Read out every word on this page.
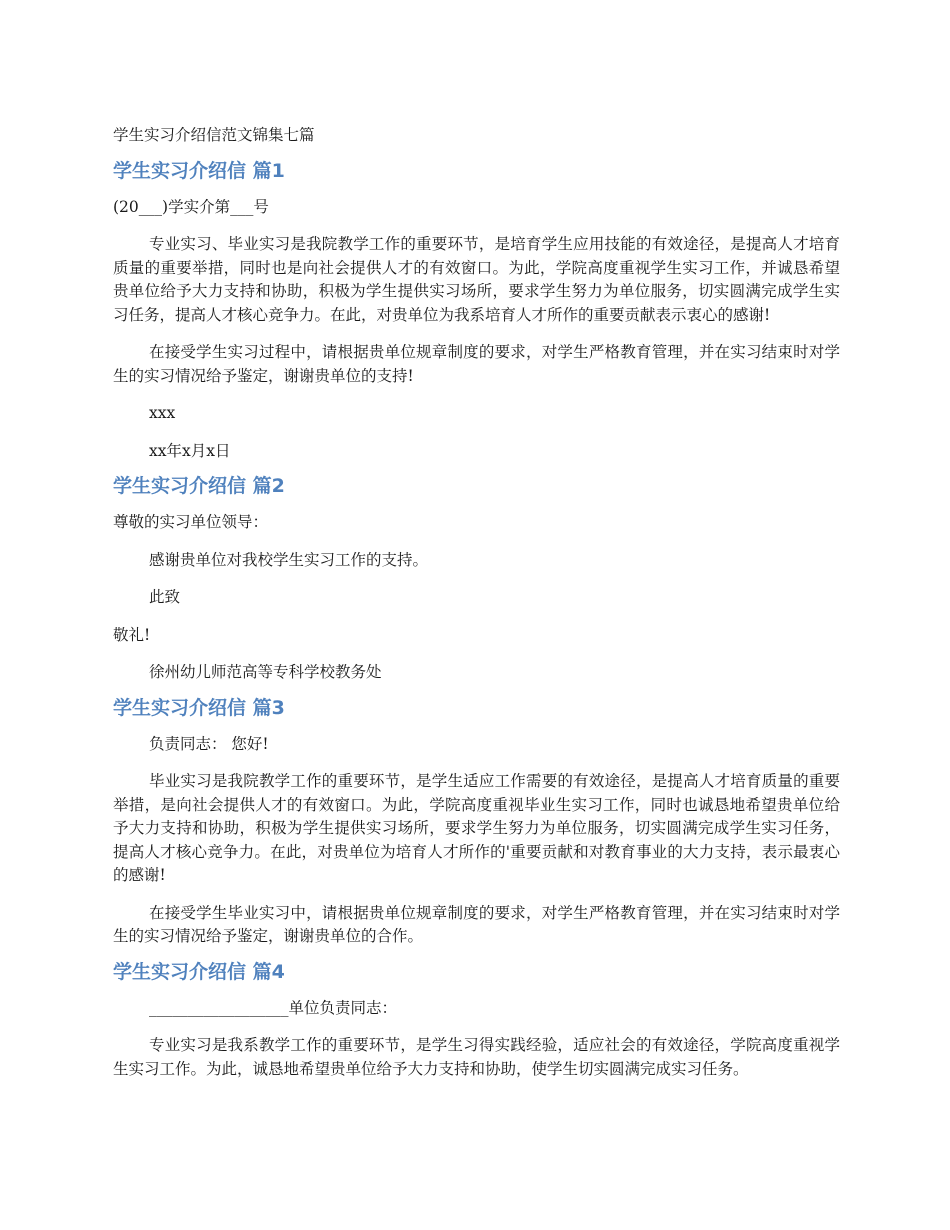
学生实习介绍信范文锦集七篇

学生实习介绍信 篇1

(20___)学实介第___号

专业实习、毕业实习是我院教学工作的重要环节，是培育学生应用技能的有效途径，是提高人才培育质量的重要举措，同时也是向社会提供人才的有效窗口。为此，学院高度重视学生实习工作，并诚恳希望贵单位给予大力支持和协助，积极为学生提供实习场所，要求学生努力为单位服务，切实圆满完成学生实习任务，提高人才核心竞争力。在此，对贵单位为我系培育人才所作的重要贡献表示衷心的感谢!

在接受学生实习过程中，请根据贵单位规章制度的要求，对学生严格教育管理，并在实习结束时对学生的实习情况给予鉴定，谢谢贵单位的支持!

xxx

xx年x月x日

学生实习介绍信 篇2

尊敬的实习单位领导：

感谢贵单位对我校学生实习工作的支持。

此致

敬礼!

徐州幼儿师范高等专科学校教务处

学生实习介绍信 篇3

负责同志： 您好!

毕业实习是我院教学工作的重要环节，是学生适应工作需要的有效途径，是提高人才培育质量的重要举措，是向社会提供人才的有效窗口。为此，学院高度重视毕业生实习工作，同时也诚恳地希望贵单位给予大力支持和协助，积极为学生提供实习场所，要求学生努力为单位服务，切实圆满完成学生实习任务，提高人才核心竞争力。在此，对贵单位为培育人才所作的'重要贡献和对教育事业的大力支持，表示最衷心的感谢!

在接受学生毕业实习中，请根据贵单位规章制度的要求，对学生严格教育管理，并在实习结束时对学生的实习情况给予鉴定，谢谢贵单位的合作。

学生实习介绍信 篇4

__________________单位负责同志：

专业实习是我系教学工作的重要环节，是学生习得实践经验，适应社会的有效途径，学院高度重视学生实习工作。为此，诚恳地希望贵单位给予大力支持和协助，使学生切实圆满完成实习任务。
